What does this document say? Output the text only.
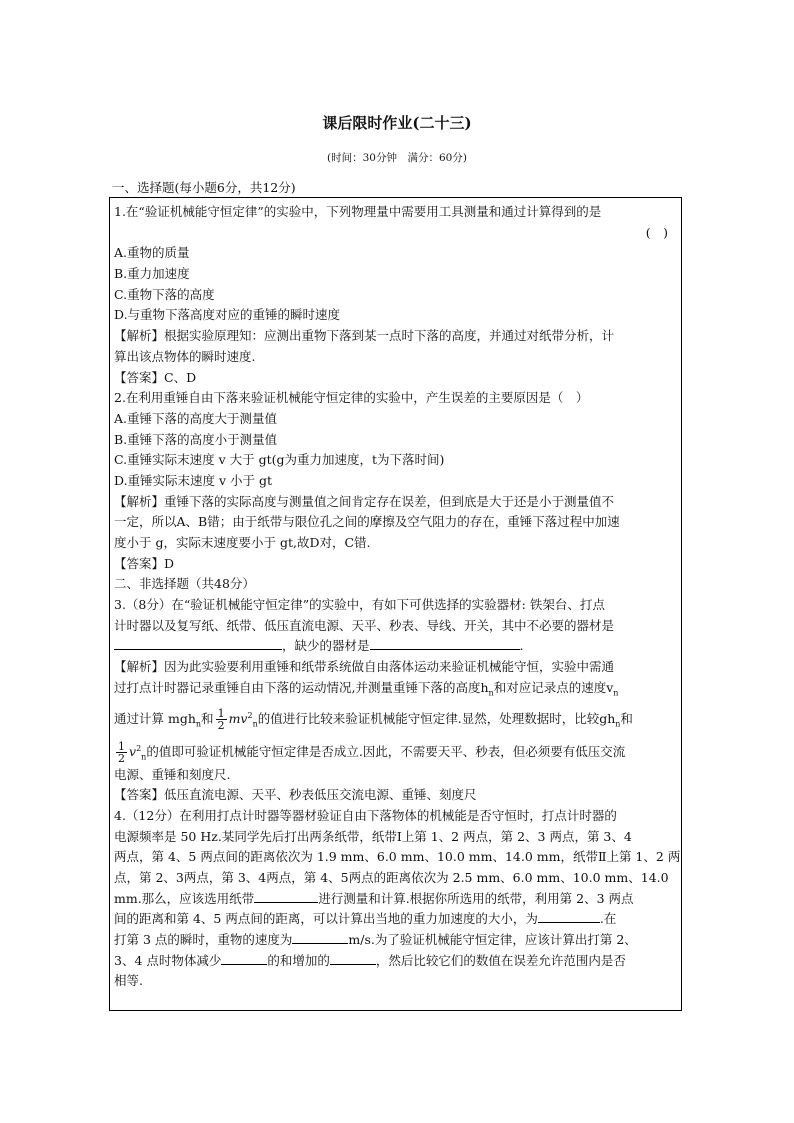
课后限时作业(二十三)
(时间：30分钟　满分：60分)
一、选择题(每小题6分，共12分)
1.在“验证机械能守恒定律”的实验中，下列物理量中需要用工具测量和通过计算得到的是
(　)
A.重物的质量
B.重力加速度
C.重物下落的高度
D.与重物下落高度对应的重锤的瞬时速度
【解析】根据实验原理知：应测出重物下落到某一点时下落的高度，并通过对纸带分析，计
算出该点物体的瞬时速度.
【答案】C、D
2.在利用重锤自由下落来验证机械能守恒定律的实验中，产生误差的主要原因是（　）
A.重锤下落的高度大于测量值
B.重锤下落的高度小于测量值
C.重锤实际末速度 v 大于 gt(g为重力加速度，t为下落时间)
D.重锤实际末速度 v 小于 gt
【解析】重锤下落的实际高度与测量值之间肯定存在误差，但到底是大于还是小于测量值不
一定，所以A、B错；由于纸带与限位孔之间的摩擦及空气阻力的存在，重锤下落过程中加速
度小于 g，实际末速度要小于 gt,故D对，C错.
【答案】D
二、非选择题（共48分）
3.（8分）在“验证机械能守恒定律”的实验中，有如下可供选择的实验器材: 铁架台、打点
计时器以及复写纸、纸带、低压直流电源、天平、秒表、导线、开关，其中不必要的器材是
，缺少的器材是	.
【解析】因为此实验要利用重锤和纸带系统做自由落体运动来验证机械能守恒，实验中需通
过打点计时器记录重锤自由下落的运动情况,并测量重锤下落的高度$h_n$和对应记录点的速度$v_n$
通过计算 mgh$_n$和 $\frac{1}{2} mv^2_n$的值进行比较来验证机械能守恒定律.显然，处理数据时，比较$gh_n$和
$\frac{1}{2} v^2_n$的值即可验证机械能守恒定律是否成立.因此，不需要天平、秒表，但必须要有低压交流
电源、重锤和刻度尺.
【答案】低压直流电源、天平、秒表低压交流电源、重锤、刻度尺
4.（12分）在利用打点计时器等器材验证自由下落物体的机械能是否守恒时，打点计时器的
电源频率是 50 Hz.某同学先后打出两条纸带，纸带Ⅰ上第 1、2 两点，第 2、3 两点，第 3、4
两点，第 4、5 两点间的距离依次为 1.9 mm、6.0 mm、10.0 mm、14.0 mm，纸带Ⅱ上第 1、2 两
点，第 2、3两点，第 3、4两点，第 4、5两点的距离依次为 2.5 mm、6.0 mm、10.0 mm、14.0
mm.那么，应该选用纸带	进行测量和计算.根据你所选用的纸带，利用第 2、3 两点
间的距离和第 4、5 两点间的距离，可以计算出当地的重力加速度的大小，为	.在
打第 3 点的瞬时，重物的速度为	m/s.为了验证机械能守恒定律，应该计算出打第 2、
3、4 点时物体减少	的和增加的	，然后比较它们的数值在误差允许范围内是否
相等.
